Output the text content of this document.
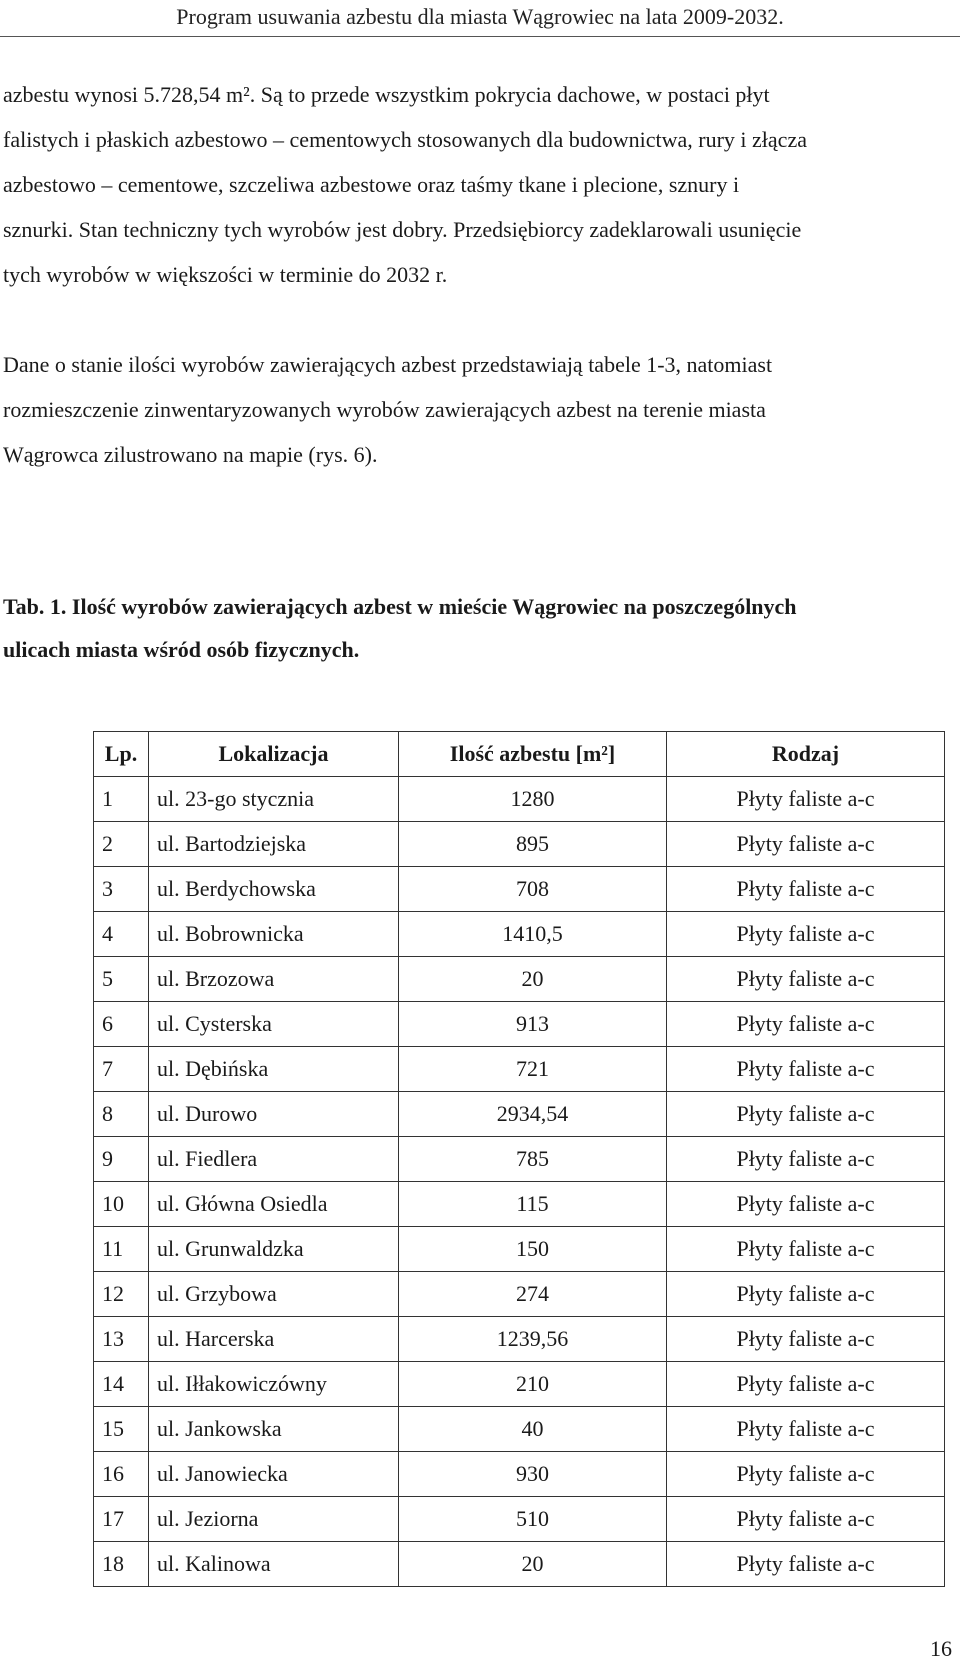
Program usuwania azbestu dla miasta Wągrowiec na lata 2009-2032.
azbestu wynosi 5.728,54 m². Są to przede wszystkim pokrycia dachowe, w postaci płyt
falistych i płaskich azbestowo – cementowych stosowanych dla budownictwa, rury i złącza
azbestowo – cementowe, szczeliwa azbestowe oraz taśmy tkane i plecione, sznury i
sznurki. Stan techniczny tych wyrobów jest dobry. Przedsiębiorcy zadeklarowali usunięcie
tych wyrobów w większości w terminie do 2032 r.
Dane o stanie ilości wyrobów zawierających azbest przedstawiają tabele 1-3, natomiast
rozmieszczenie zinwentaryzowanych wyrobów zawierających azbest na terenie miasta
Wągrowca zilustrowano na mapie (rys. 6).
Tab. 1. Ilość wyrobów zawierających azbest w mieście Wągrowiec na poszczególnych
ulicach miasta wśród osób fizycznych.
Lp.	Lokalizacja	Ilość azbestu [m²]	Rodzaj
1	ul. 23-go stycznia	1280	Płyty faliste a-c
2	ul. Bartodziejska	895	Płyty faliste a-c
3	ul. Berdychowska	708	Płyty faliste a-c
4	ul. Bobrownicka	1410,5	Płyty faliste a-c
5	ul. Brzozowa	20	Płyty faliste a-c
6	ul. Cysterska	913	Płyty faliste a-c
7	ul. Dębińska	721	Płyty faliste a-c
8	ul. Durowo	2934,54	Płyty faliste a-c
9	ul. Fiedlera	785	Płyty faliste a-c
10	ul. Główna Osiedla	115	Płyty faliste a-c
11	ul. Grunwaldzka	150	Płyty faliste a-c
12	ul. Grzybowa	274	Płyty faliste a-c
13	ul. Harcerska	1239,56	Płyty faliste a-c
14	ul. Iłłakowiczówny	210	Płyty faliste a-c
15	ul. Jankowska	40	Płyty faliste a-c
16	ul. Janowiecka	930	Płyty faliste a-c
17	ul. Jeziorna	510	Płyty faliste a-c
18	ul. Kalinowa	20	Płyty faliste a-c
16
